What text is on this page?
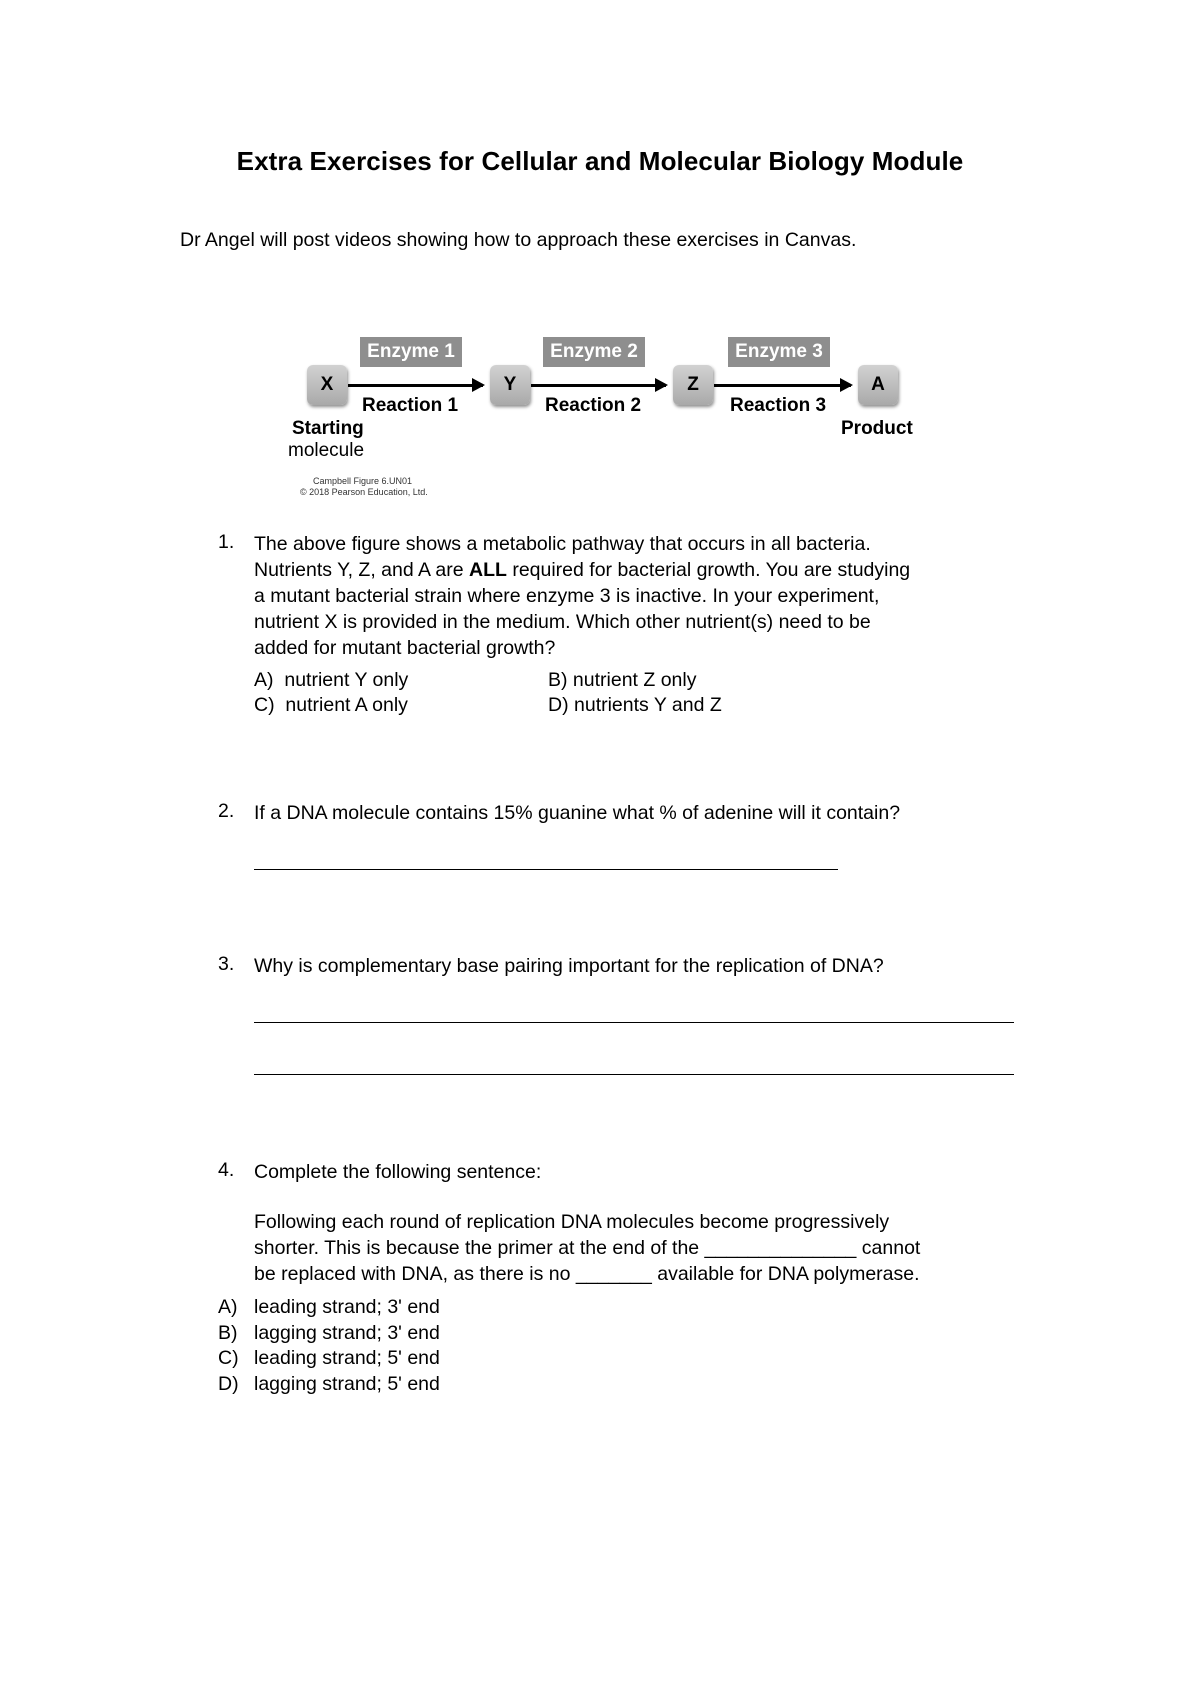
Extra Exercises for Cellular and Molecular Biology Module
Dr Angel will post videos showing how to approach these exercises in Canvas.
Enzyme 1	Enzyme 2	Enzyme 3
X	Y	Z	A
Reaction 1	Reaction 2	Reaction 3
Starting
molecule
Product
Campbell Figure 6.UN01
© 2018 Pearson Education, Ltd.
1. The above figure shows a metabolic pathway that occurs in all bacteria.
Nutrients Y, Z, and A are ALL required for bacterial growth. You are studying
a mutant bacterial strain where enzyme 3 is inactive. In your experiment,
nutrient X is provided in the medium. Which other nutrient(s) need to be
added for mutant bacterial growth?
A) nutrient Y only	B) nutrient Z only
C) nutrient A only	D) nutrients Y and Z
2. If a DNA molecule contains 15% guanine what % of adenine will it contain?
3. Why is complementary base pairing important for the replication of DNA?
4. Complete the following sentence:
Following each round of replication DNA molecules become progressively
shorter. This is because the primer at the end of the ______________ cannot
be replaced with DNA, as there is no _______ available for DNA polymerase.
A) leading strand; 3' end
B) lagging strand; 3' end
C) leading strand; 5' end
D) lagging strand; 5' end
